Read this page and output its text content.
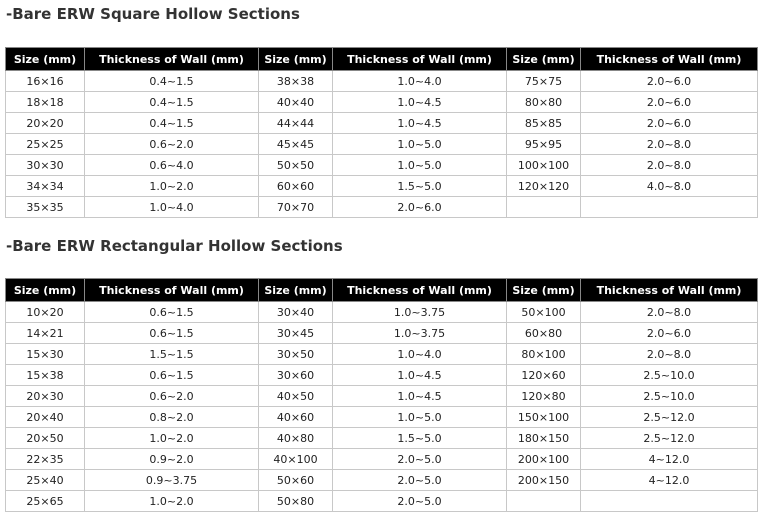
-Bare ERW Square Hollow Sections
Size (mm)	Thickness of Wall (mm)	Size (mm)	Thickness of Wall (mm)	Size (mm)	Thickness of Wall (mm)
16×16	0.4~1.5	38×38	1.0~4.0	75×75	2.0~6.0
18×18	0.4~1.5	40×40	1.0~4.5	80×80	2.0~6.0
20×20	0.4~1.5	44×44	1.0~4.5	85×85	2.0~6.0
25×25	0.6~2.0	45×45	1.0~5.0	95×95	2.0~8.0
30×30	0.6~4.0	50×50	1.0~5.0	100×100	2.0~8.0
34×34	1.0~2.0	60×60	1.5~5.0	120×120	4.0~8.0
35×35	1.0~4.0	70×70	2.0~6.0		
-Bare ERW Rectangular Hollow Sections
Size (mm)	Thickness of Wall (mm)	Size (mm)	Thickness of Wall (mm)	Size (mm)	Thickness of Wall (mm)
10×20	0.6~1.5	30×40	1.0~3.75	50×100	2.0~8.0
14×21	0.6~1.5	30×45	1.0~3.75	60×80	2.0~6.0
15×30	1.5~1.5	30×50	1.0~4.0	80×100	2.0~8.0
15×38	0.6~1.5	30×60	1.0~4.5	120×60	2.5~10.0
20×30	0.6~2.0	40×50	1.0~4.5	120×80	2.5~10.0
20×40	0.8~2.0	40×60	1.0~5.0	150×100	2.5~12.0
20×50	1.0~2.0	40×80	1.5~5.0	180×150	2.5~12.0
22×35	0.9~2.0	40×100	2.0~5.0	200×100	4~12.0
25×40	0.9~3.75	50×60	2.0~5.0	200×150	4~12.0
25×65	1.0~2.0	50×80	2.0~5.0		
